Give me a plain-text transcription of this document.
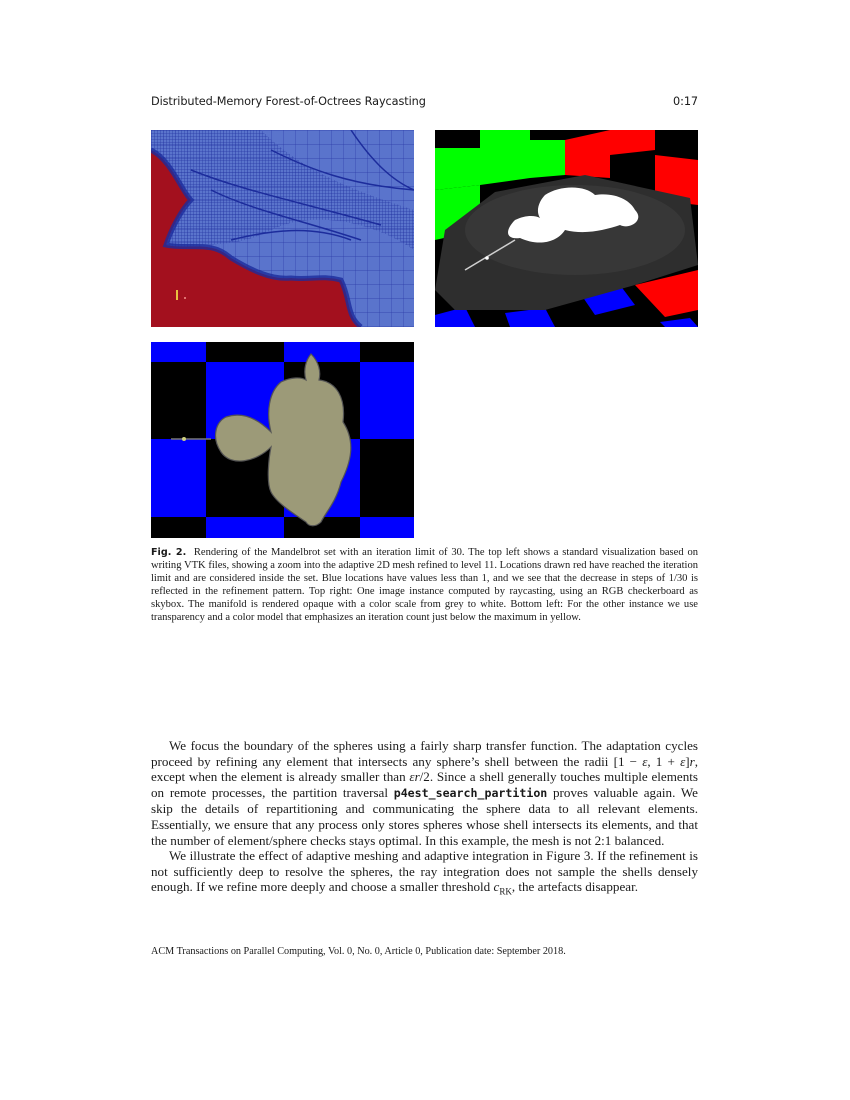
Distributed-Memory Forest-of-Octrees Raycasting	0:17
Fig. 2. Rendering of the Mandelbrot set with an iteration limit of 30. The top left shows a standard visualization based on writing VTK files, showing a zoom into the adaptive 2D mesh refined to level 11. Locations drawn red have reached the iteration limit and are considered inside the set. Blue locations have values less than 1, and we see that the decrease in steps of 1/30 is reflected in the refinement pattern. Top right: One image instance computed by raycasting, using an RGB checkerboard as skybox. The manifold is rendered opaque with a color scale from grey to white. Bottom left: For the other instance we use transparency and a color model that emphasizes an iteration count just below the maximum in yellow.

We focus the boundary of the spheres using a fairly sharp transfer function. The adaptation cycles proceed by refining any element that intersects any sphere’s shell between the radii [1 − ε, 1 + ε]r, except when the element is already smaller than εr/2. Since a shell generally touches multiple elements on remote processes, the partition traversal p4est_search_partition proves valuable again. We skip the details of repartitioning and communicating the sphere data to all relevant elements. Essentially, we ensure that any process only stores spheres whose shell intersects its elements, and that the number of element/sphere checks stays optimal. In this example, the mesh is not 2:1 balanced.

We illustrate the effect of adaptive meshing and adaptive integration in Figure 3. If the refinement is not sufficiently deep to resolve the spheres, the ray integration does not sample the shells densely enough. If we refine more deeply and choose a smaller threshold $c_{RK}$, the artefacts disappear.

ACM Transactions on Parallel Computing, Vol. 0, No. 0, Article 0, Publication date: September 2018.
